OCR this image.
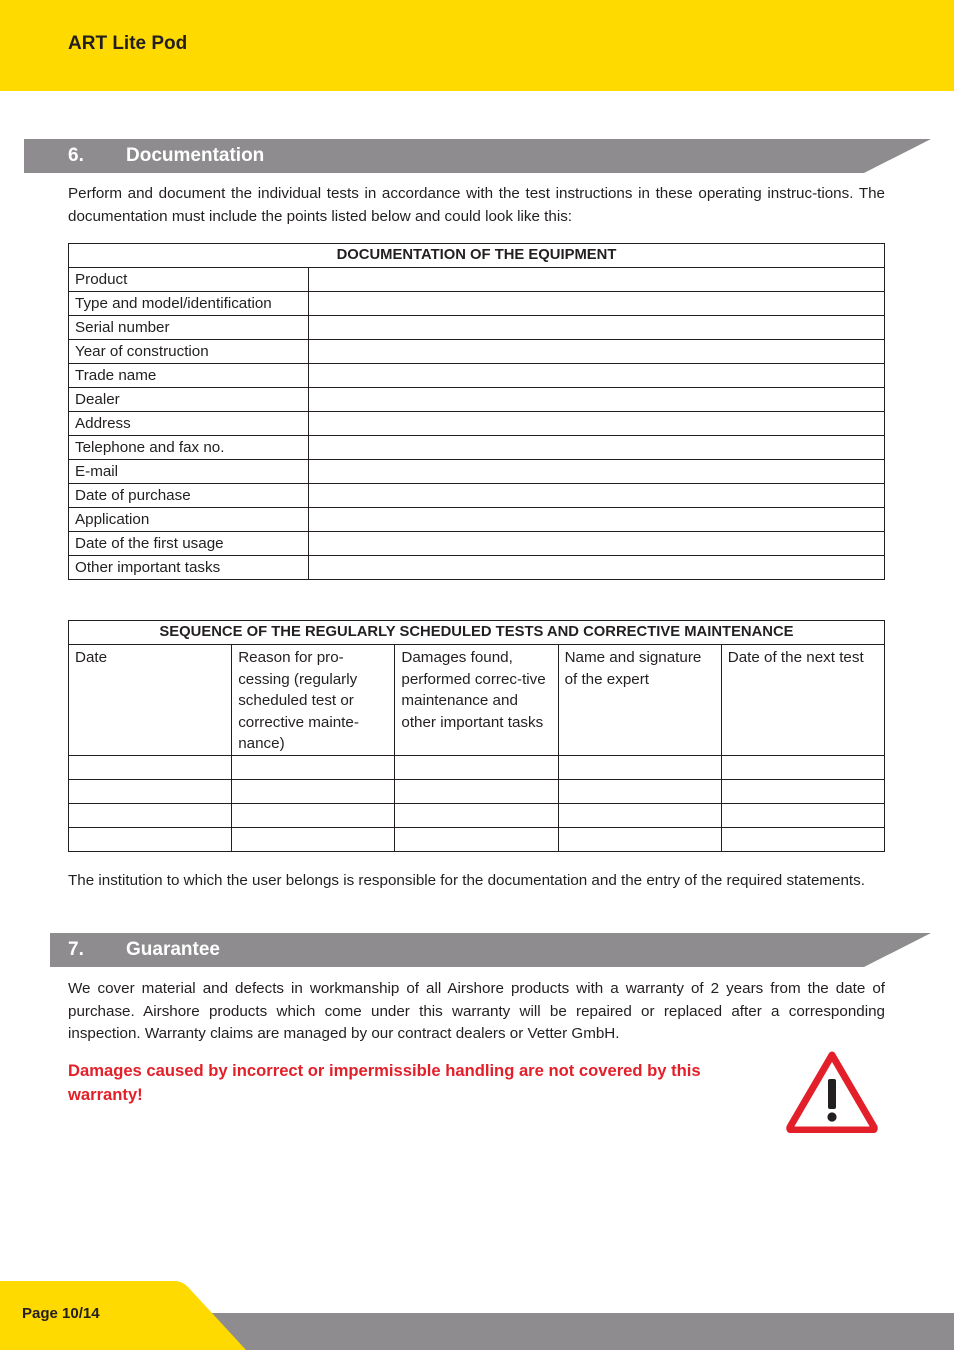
ART Lite Pod
6. Documentation
Perform and document the individual tests in accordance with the test instructions in these operating instruc-tions. The documentation must include the points listed below and could look like this:
DOCUMENTATION OF THE EQUIPMENT	
Product	
Type and model/identification	
Serial number	
Year of construction	
Trade name	
Dealer	
Address	
Telephone and fax no.	
E-mail	
Date of purchase	
Application	
Date of the first usage	
Other important tasks	
SEQUENCE OF THE REGULARLY SCHEDULED TESTS AND CORRECTIVE MAINTENANCE				
Date	Reason for pro-cessing (regularly scheduled test or corrective mainte-nance)	Damages found, performed correc-tive maintenance and other important tasks	Name and signature of the expert	Date of the next test

The institution to which the user belongs is responsible for the documentation and the entry of the required statements.
7. Guarantee
We cover material and defects in workmanship of all Airshore products with a warranty of 2 years from the date of purchase. Airshore products which come under this warranty will be repaired or replaced after a corresponding inspection. Warranty claims are managed by our contract dealers or Vetter GmbH.
Damages caused by incorrect or impermissible handling are not covered by this warranty!
Page 10/14
